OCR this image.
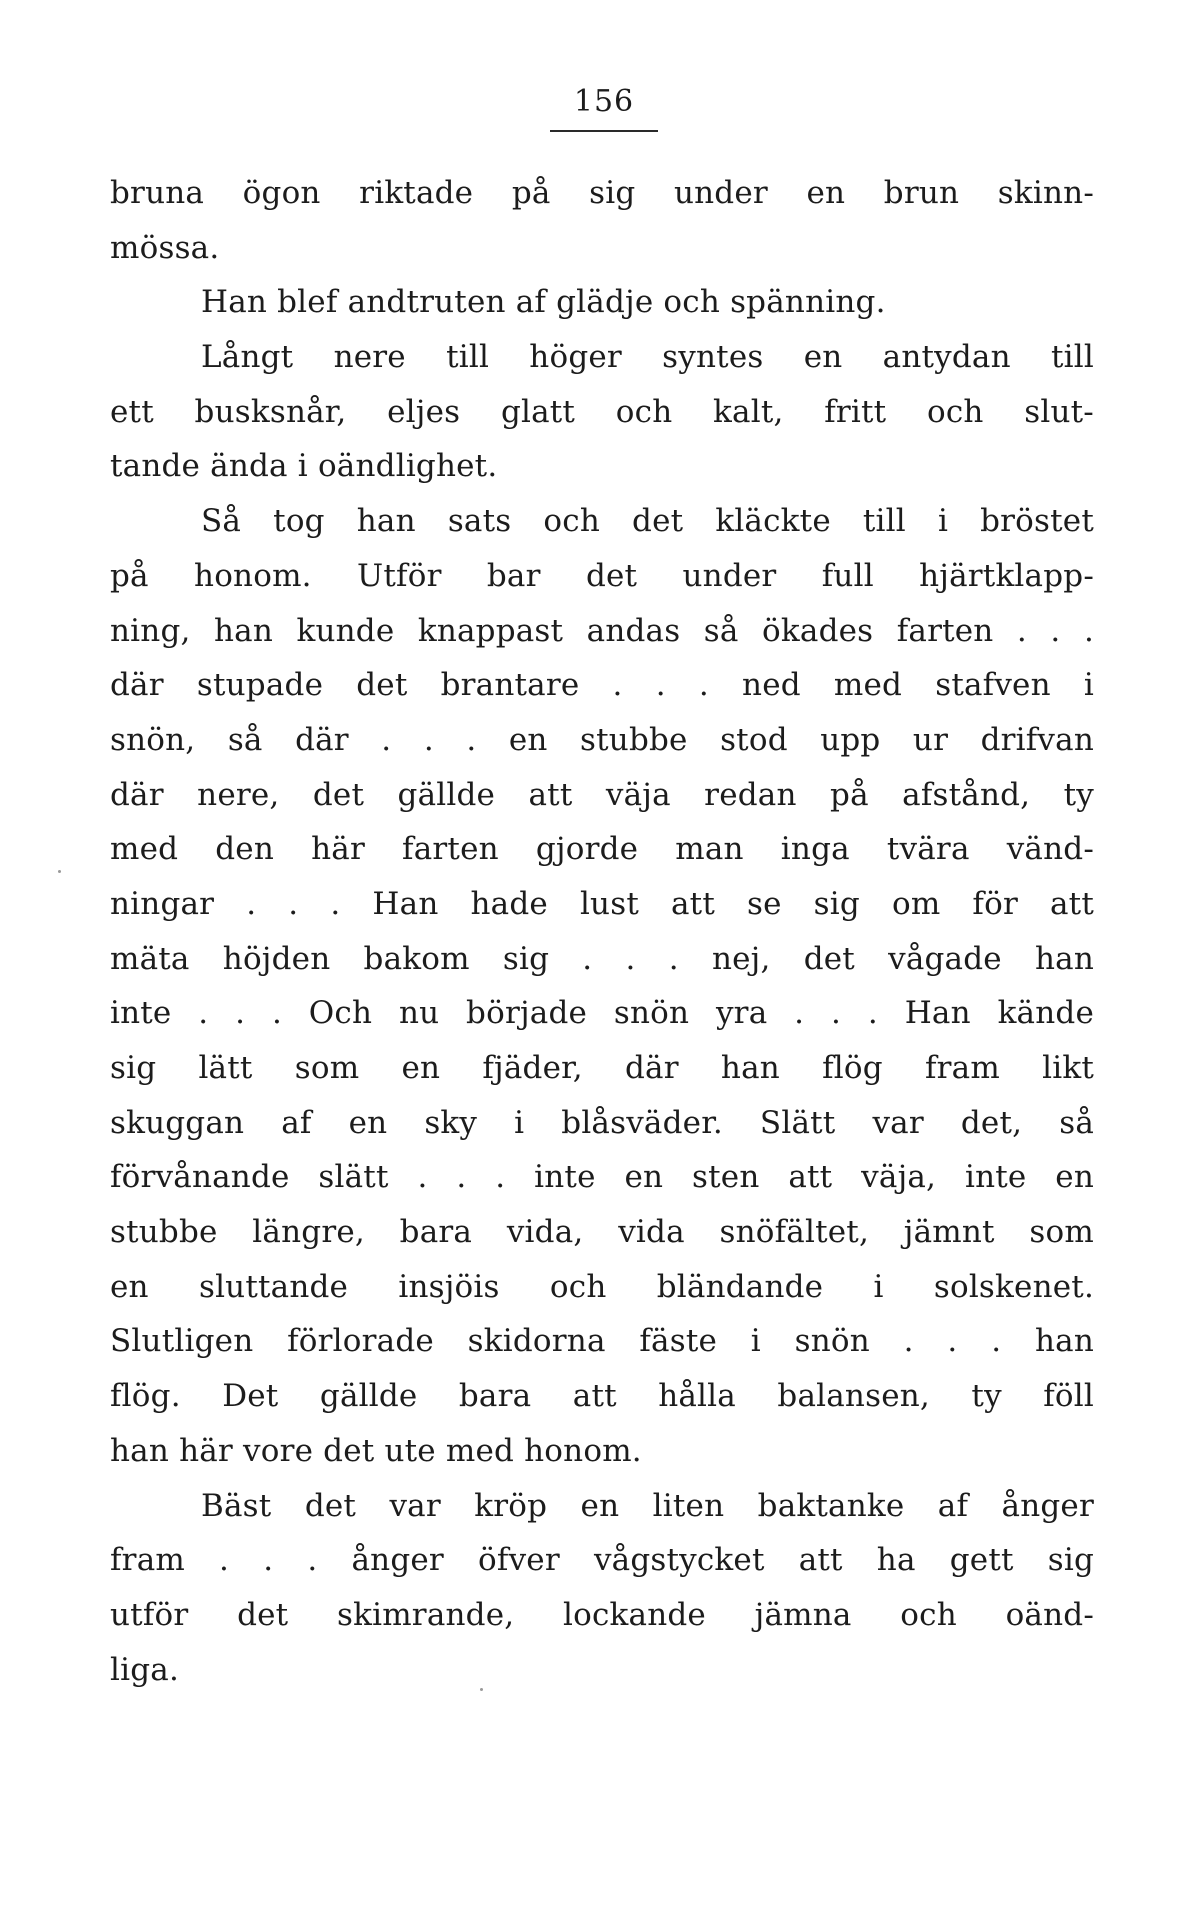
156
bruna ögon riktade på sig under en brun skinn-
mössa.
Han blef andtruten af glädje och spänning.
Långt nere till höger syntes en antydan till
ett busksnår, eljes glatt och kalt, fritt och slut-
tande ända i oändlighet.
Så tog han sats och det kläckte till i bröstet
på honom. Utför bar det under full hjärtklapp-
ning, han kunde knappast andas så ökades farten . . .
där stupade det brantare . . . ned med stafven i
snön, så där . . . en stubbe stod upp ur drifvan
där nere, det gällde att väja redan på afstånd, ty
med den här farten gjorde man inga tvära vänd-
ningar . . . Han hade lust att se sig om för att
mäta höjden bakom sig . . . nej, det vågade han
inte . . . Och nu började snön yra . . . Han kände
sig lätt som en fjäder, där han flög fram likt
skuggan af en sky i blåsväder. Slätt var det, så
förvånande slätt . . . inte en sten att väja, inte en
stubbe längre, bara vida, vida snöfältet, jämnt som
en sluttande insjöis och bländande i solskenet.
Slutligen förlorade skidorna fäste i snön . . . han
flög. Det gällde bara att hålla balansen, ty föll
han här vore det ute med honom.
Bäst det var kröp en liten baktanke af ånger
fram . . . ånger öfver vågstycket att ha gett sig
utför det skimrande, lockande jämna och oänd-
liga.
